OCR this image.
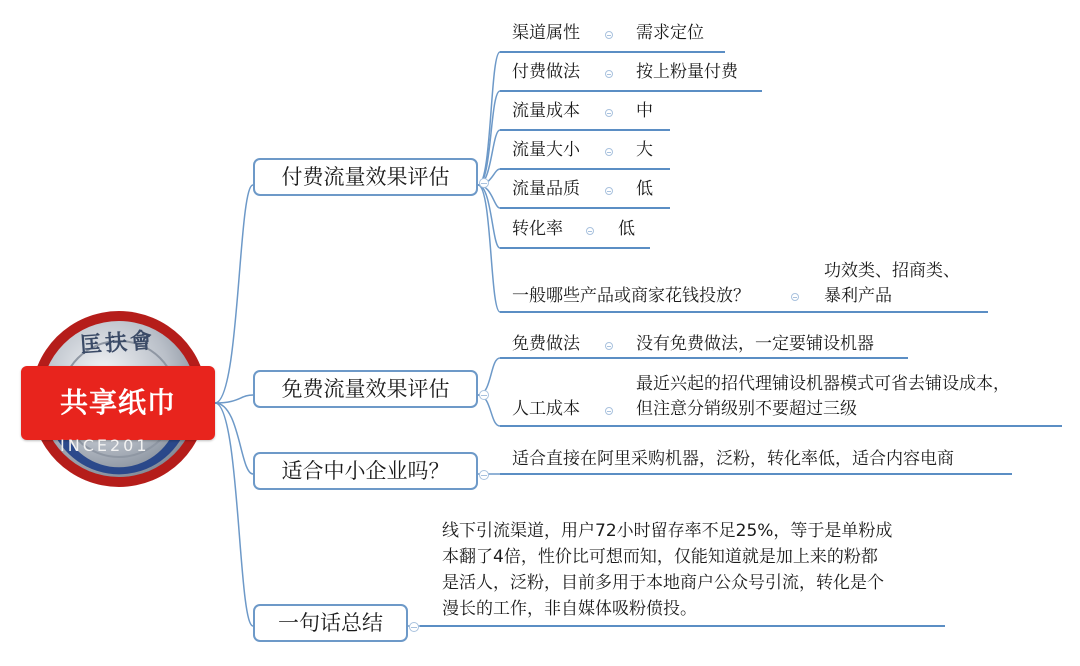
匡扶會
共享纸巾
INCE201
付费流量效果评估
渠道属性	需求定位
付费做法	按上粉量付费
流量成本	中
流量大小	大
流量品质	低
转化率	低
一般哪些产品或商家花钱投放？
功效类、招商类、
暴利产品
免费流量效果评估
免费做法	没有免费做法，一定要铺设机器
人工成本
最近兴起的招代理铺设机器模式可省去铺设成本，
但注意分销级别不要超过三级
适合中小企业吗？	适合直接在阿里采购机器，泛粉，转化率低，适合内容电商
一句话总结
线下引流渠道，用户72小时留存率不足25%，等于是单粉成
本翻了4倍，性价比可想而知，仅能知道就是加上来的粉都
是活人，泛粉，目前多用于本地商户公众号引流，转化是个
漫长的工作，非自媒体吸粉偾投。
